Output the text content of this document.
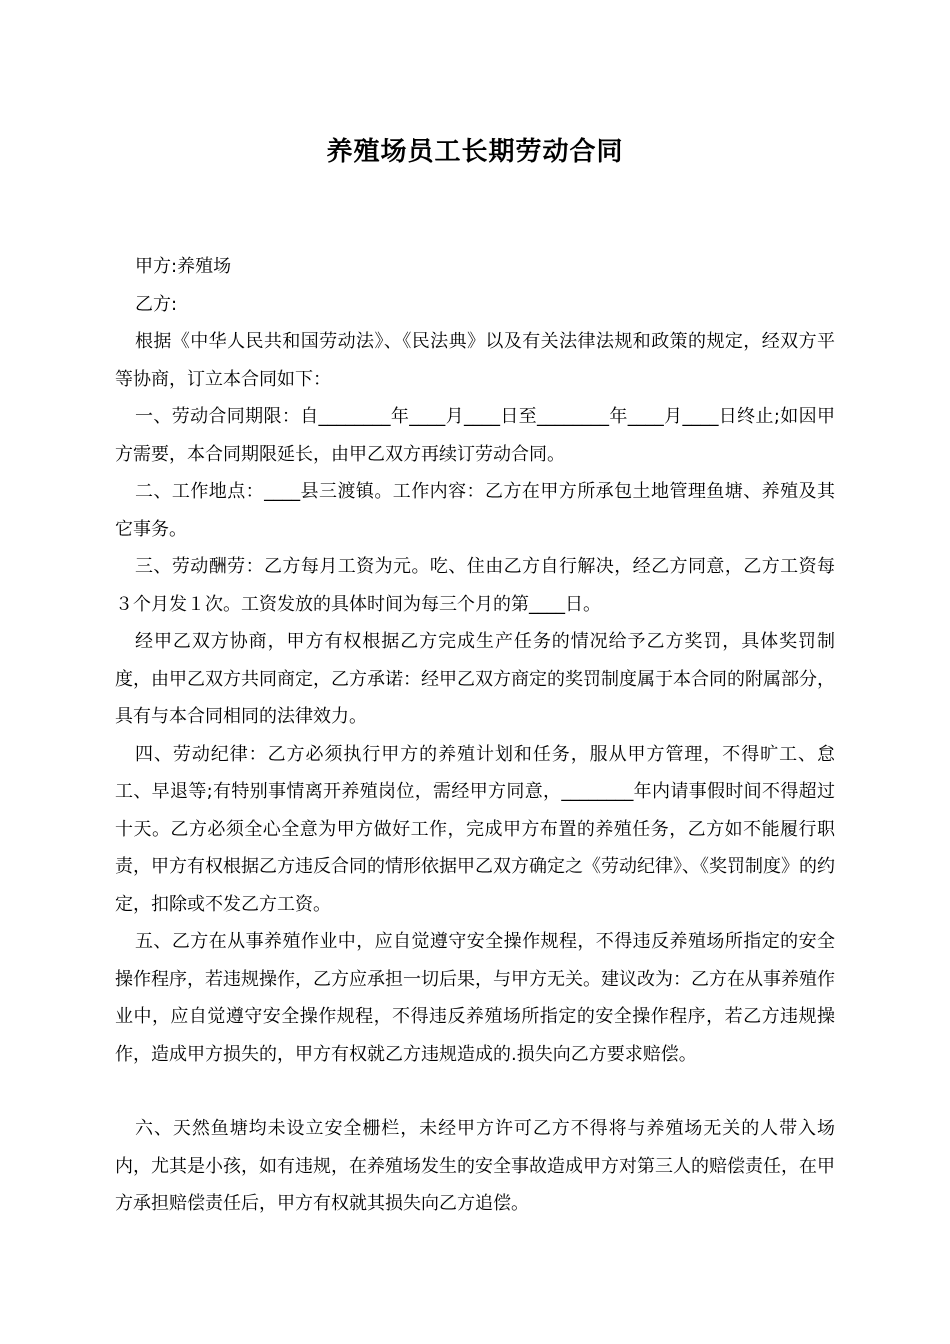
养殖场员工长期劳动合同

甲方:养殖场

乙方:

根据《中华人民共和国劳动法》、《民法典》以及有关法律法规和政策的规定，经双方平等协商，订立本合同如下：

一、劳动合同期限：自________年____月____日至________年____月____日终止;如因甲方需要，本合同期限延长，由甲乙双方再续订劳动合同。

二、工作地点：____县三渡镇。工作内容：乙方在甲方所承包土地管理鱼塘、养殖及其它事务。

三、劳动酬劳：乙方每月工资为元。吃、住由乙方自行解决，经乙方同意，乙方工资每３个月发１次。工资发放的具体时间为每三个月的第____日。

经甲乙双方协商，甲方有权根据乙方完成生产任务的情况给予乙方奖罚，具体奖罚制度，由甲乙双方共同商定，乙方承诺：经甲乙双方商定的奖罚制度属于本合同的附属部分，具有与本合同相同的法律效力。

四、劳动纪律：乙方必须执行甲方的养殖计划和任务，服从甲方管理，不得旷工、怠工、早退等;有特别事情离开养殖岗位，需经甲方同意，________年内请事假时间不得超过十天。乙方必须全心全意为甲方做好工作，完成甲方布置的养殖任务，乙方如不能履行职责，甲方有权根据乙方违反合同的情形依据甲乙双方确定之《劳动纪律》、《奖罚制度》的约定，扣除或不发乙方工资。

五、乙方在从事养殖作业中，应自觉遵守安全操作规程，不得违反养殖场所指定的安全操作程序，若违规操作，乙方应承担一切后果，与甲方无关。建议改为：乙方在从事养殖作业中，应自觉遵守安全操作规程，不得违反养殖场所指定的安全操作程序，若乙方违规操作，造成甲方损失的，甲方有权就乙方违规造成的.损失向乙方要求赔偿。

六、天然鱼塘均未设立安全栅栏，未经甲方许可乙方不得将与养殖场无关的人带入场内，尤其是小孩，如有违规，在养殖场发生的安全事故造成甲方对第三人的赔偿责任，在甲方承担赔偿责任后，甲方有权就其损失向乙方追偿。
